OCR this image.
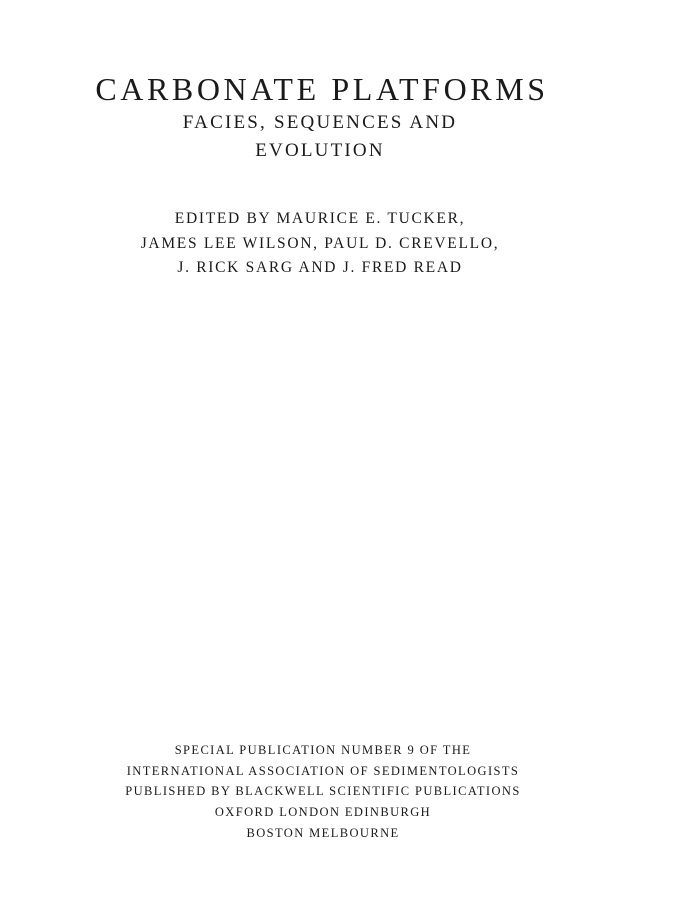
CARBONATE PLATFORMS
FACIES, SEQUENCES AND
EVOLUTION
EDITED BY MAURICE E. TUCKER,
JAMES LEE WILSON, PAUL D. CREVELLO,
J. RICK SARG AND J. FRED READ
SPECIAL PUBLICATION NUMBER 9 OF THE
INTERNATIONAL ASSOCIATION OF SEDIMENTOLOGISTS
PUBLISHED BY BLACKWELL SCIENTIFIC PUBLICATIONS
OXFORD LONDON EDINBURGH
BOSTON MELBOURNE
